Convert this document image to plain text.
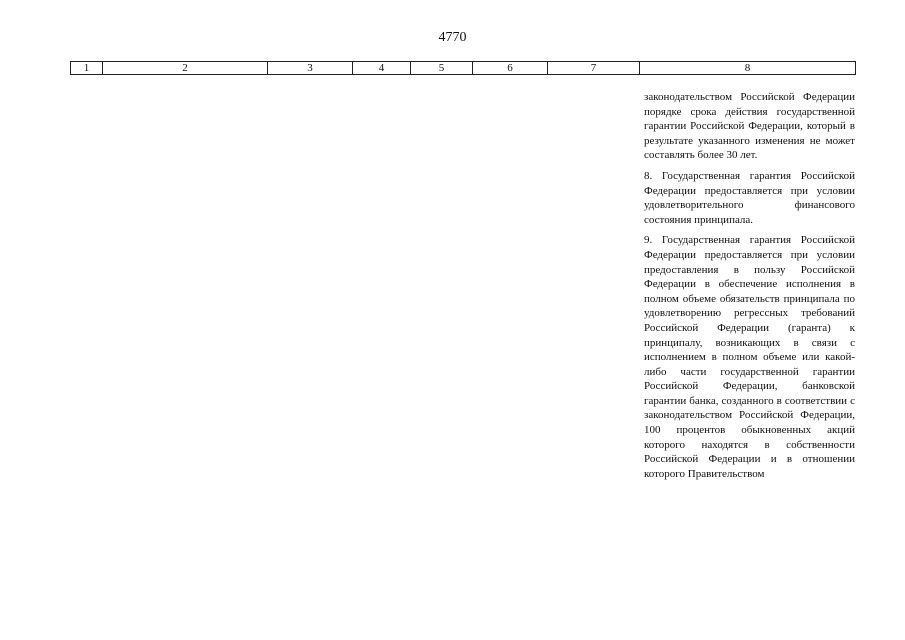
4770
1	2	3	4	5	6	7	8

законодательством Российской Федерации порядке срока действия государственной гарантии Российской Федерации, который в результате указанного изменения не может составлять более 30 лет.

8. Государственная гарантия Российской Федерации предоставляется при условии удовлетворительного финансового состояния принципала.

9. Государственная гарантия Российской Федерации предоставляется при условии предоставления в пользу Российской Федерации в обеспечение исполнения в полном объеме обязательств принципала по удовлетворению регрессных требований Российской Федерации (гаранта) к принципалу, возникающих в связи с исполнением в полном объеме или какой-либо части государственной гарантии Российской Федерации, банковской гарантии банка, созданного в соответствии с законодательством Российской Федерации, 100 процентов обыкновенных акций которого находятся в собственности Российской Федерации и в отношении которого Правительством
